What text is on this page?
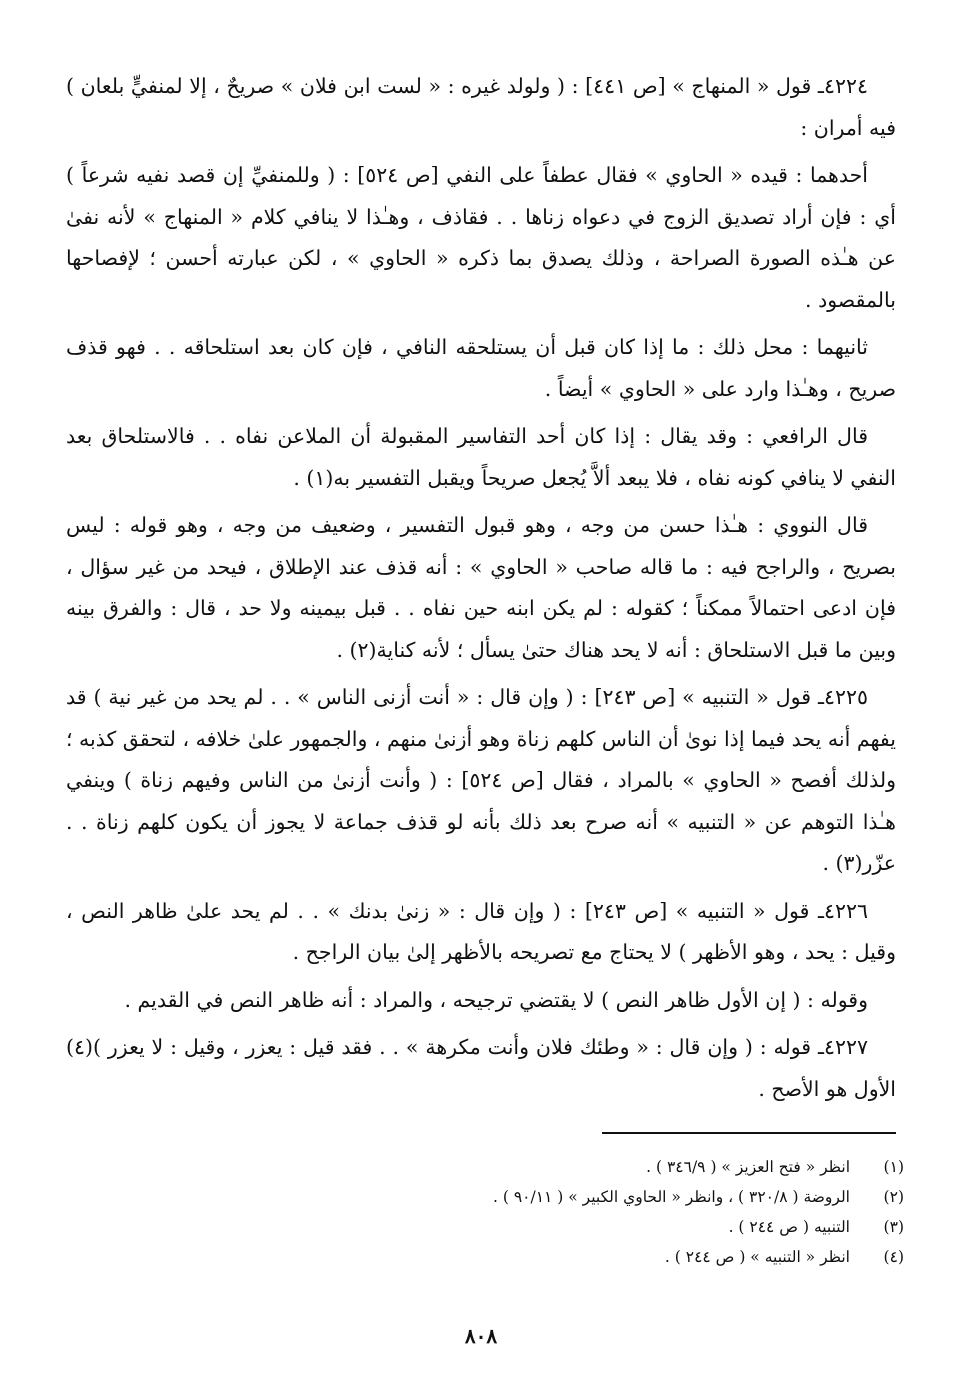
٤٢٢٤ـ قول « المنهاج » [ص ٤٤١] : ( ولولد غيره : « لست ابن فلان » صريحٌ ، إلا لمنفيٍّ بلعان ) فيه أمران :

أحدهما : قيده « الحاوي » فقال عطفاً على النفي [ص ٥٢٤] : ( وللمنفيِّ إن قصد نفيه شرعاً ) أي : فإن أراد تصديق الزوج في دعواه زناها . . فقاذف ، وهـٰذا لا ينافي كلام « المنهاج » لأنه نفىٰ عن هـٰذه الصورة الصراحة ، وذلك يصدق بما ذكره « الحاوي » ، لكن عبارته أحسن ؛ لإفصاحها بالمقصود .

ثانيهما : محل ذلك : ما إذا كان قبل أن يستلحقه النافي ، فإن كان بعد استلحاقه . . فهو قذف صريح ، وهـٰذا وارد على « الحاوي » أيضاً .

قال الرافعي : وقد يقال : إذا كان أحد التفاسير المقبولة أن الملاعن نفاه . . فالاستلحاق بعد النفي لا ينافي كونه نفاه ، فلا يبعد ألاَّ يُجعل صريحاً ويقبل التفسير به(١) .

قال النووي : هـٰذا حسن من وجه ، وهو قبول التفسير ، وضعيف من وجه ، وهو قوله : ليس بصريح ، والراجح فيه : ما قاله صاحب « الحاوي » : أنه قذف عند الإطلاق ، فيحد من غير سؤال ، فإن ادعى احتمالاً ممكناً ؛ كقوله : لم يكن ابنه حين نفاه . . قبل بيمينه ولا حد ، قال : والفرق بينه وبين ما قبل الاستلحاق : أنه لا يحد هناك حتىٰ يسأل ؛ لأنه كناية(٢) .

٤٢٢٥ـ قول « التنبيه » [ص ٢٤٣] : ( وإن قال : « أنت أزنى الناس » . . لم يحد من غير نية ) قد يفهم أنه يحد فيما إذا نوىٰ أن الناس كلهم زناة وهو أزنىٰ منهم ، والجمهور علىٰ خلافه ، لتحقق كذبه ؛ ولذلك أفصح « الحاوي » بالمراد ، فقال [ص ٥٢٤] : ( وأنت أزنىٰ من الناس وفيهم زناة ) وينفي هـٰذا التوهم عن « التنبيه » أنه صرح بعد ذلك بأنه لو قذف جماعة لا يجوز أن يكون كلهم زناة . . عزّر(٣) .

٤٢٢٦ـ قول « التنبيه » [ص ٢٤٣] : ( وإن قال : « زنىٰ بدنك » . . لم يحد علىٰ ظاهر النص ، وقيل : يحد ، وهو الأظهر ) لا يحتاج مع تصريحه بالأظهر إلىٰ بيان الراجح .

وقوله : ( إن الأول ظاهر النص ) لا يقتضي ترجيحه ، والمراد : أنه ظاهر النص في القديم .

٤٢٢٧ـ قوله : ( وإن قال : « وطئك فلان وأنت مكرهة » . . فقد قيل : يعزر ، وقيل : لا يعزر )(٤) الأول هو الأصح .

(١)
انظر « فتح العزيز » ( ٣٤٦/٩ ) .
(٢)
الروضة ( ٣٢٠/٨ ) ، وانظر « الحاوي الكبير » ( ٩٠/١١ ) .
(٣)
التنبيه ( ص ٢٤٤ ) .
(٤)
انظر « التنبيه » ( ص ٢٤٤ ) .
٨٠٨
